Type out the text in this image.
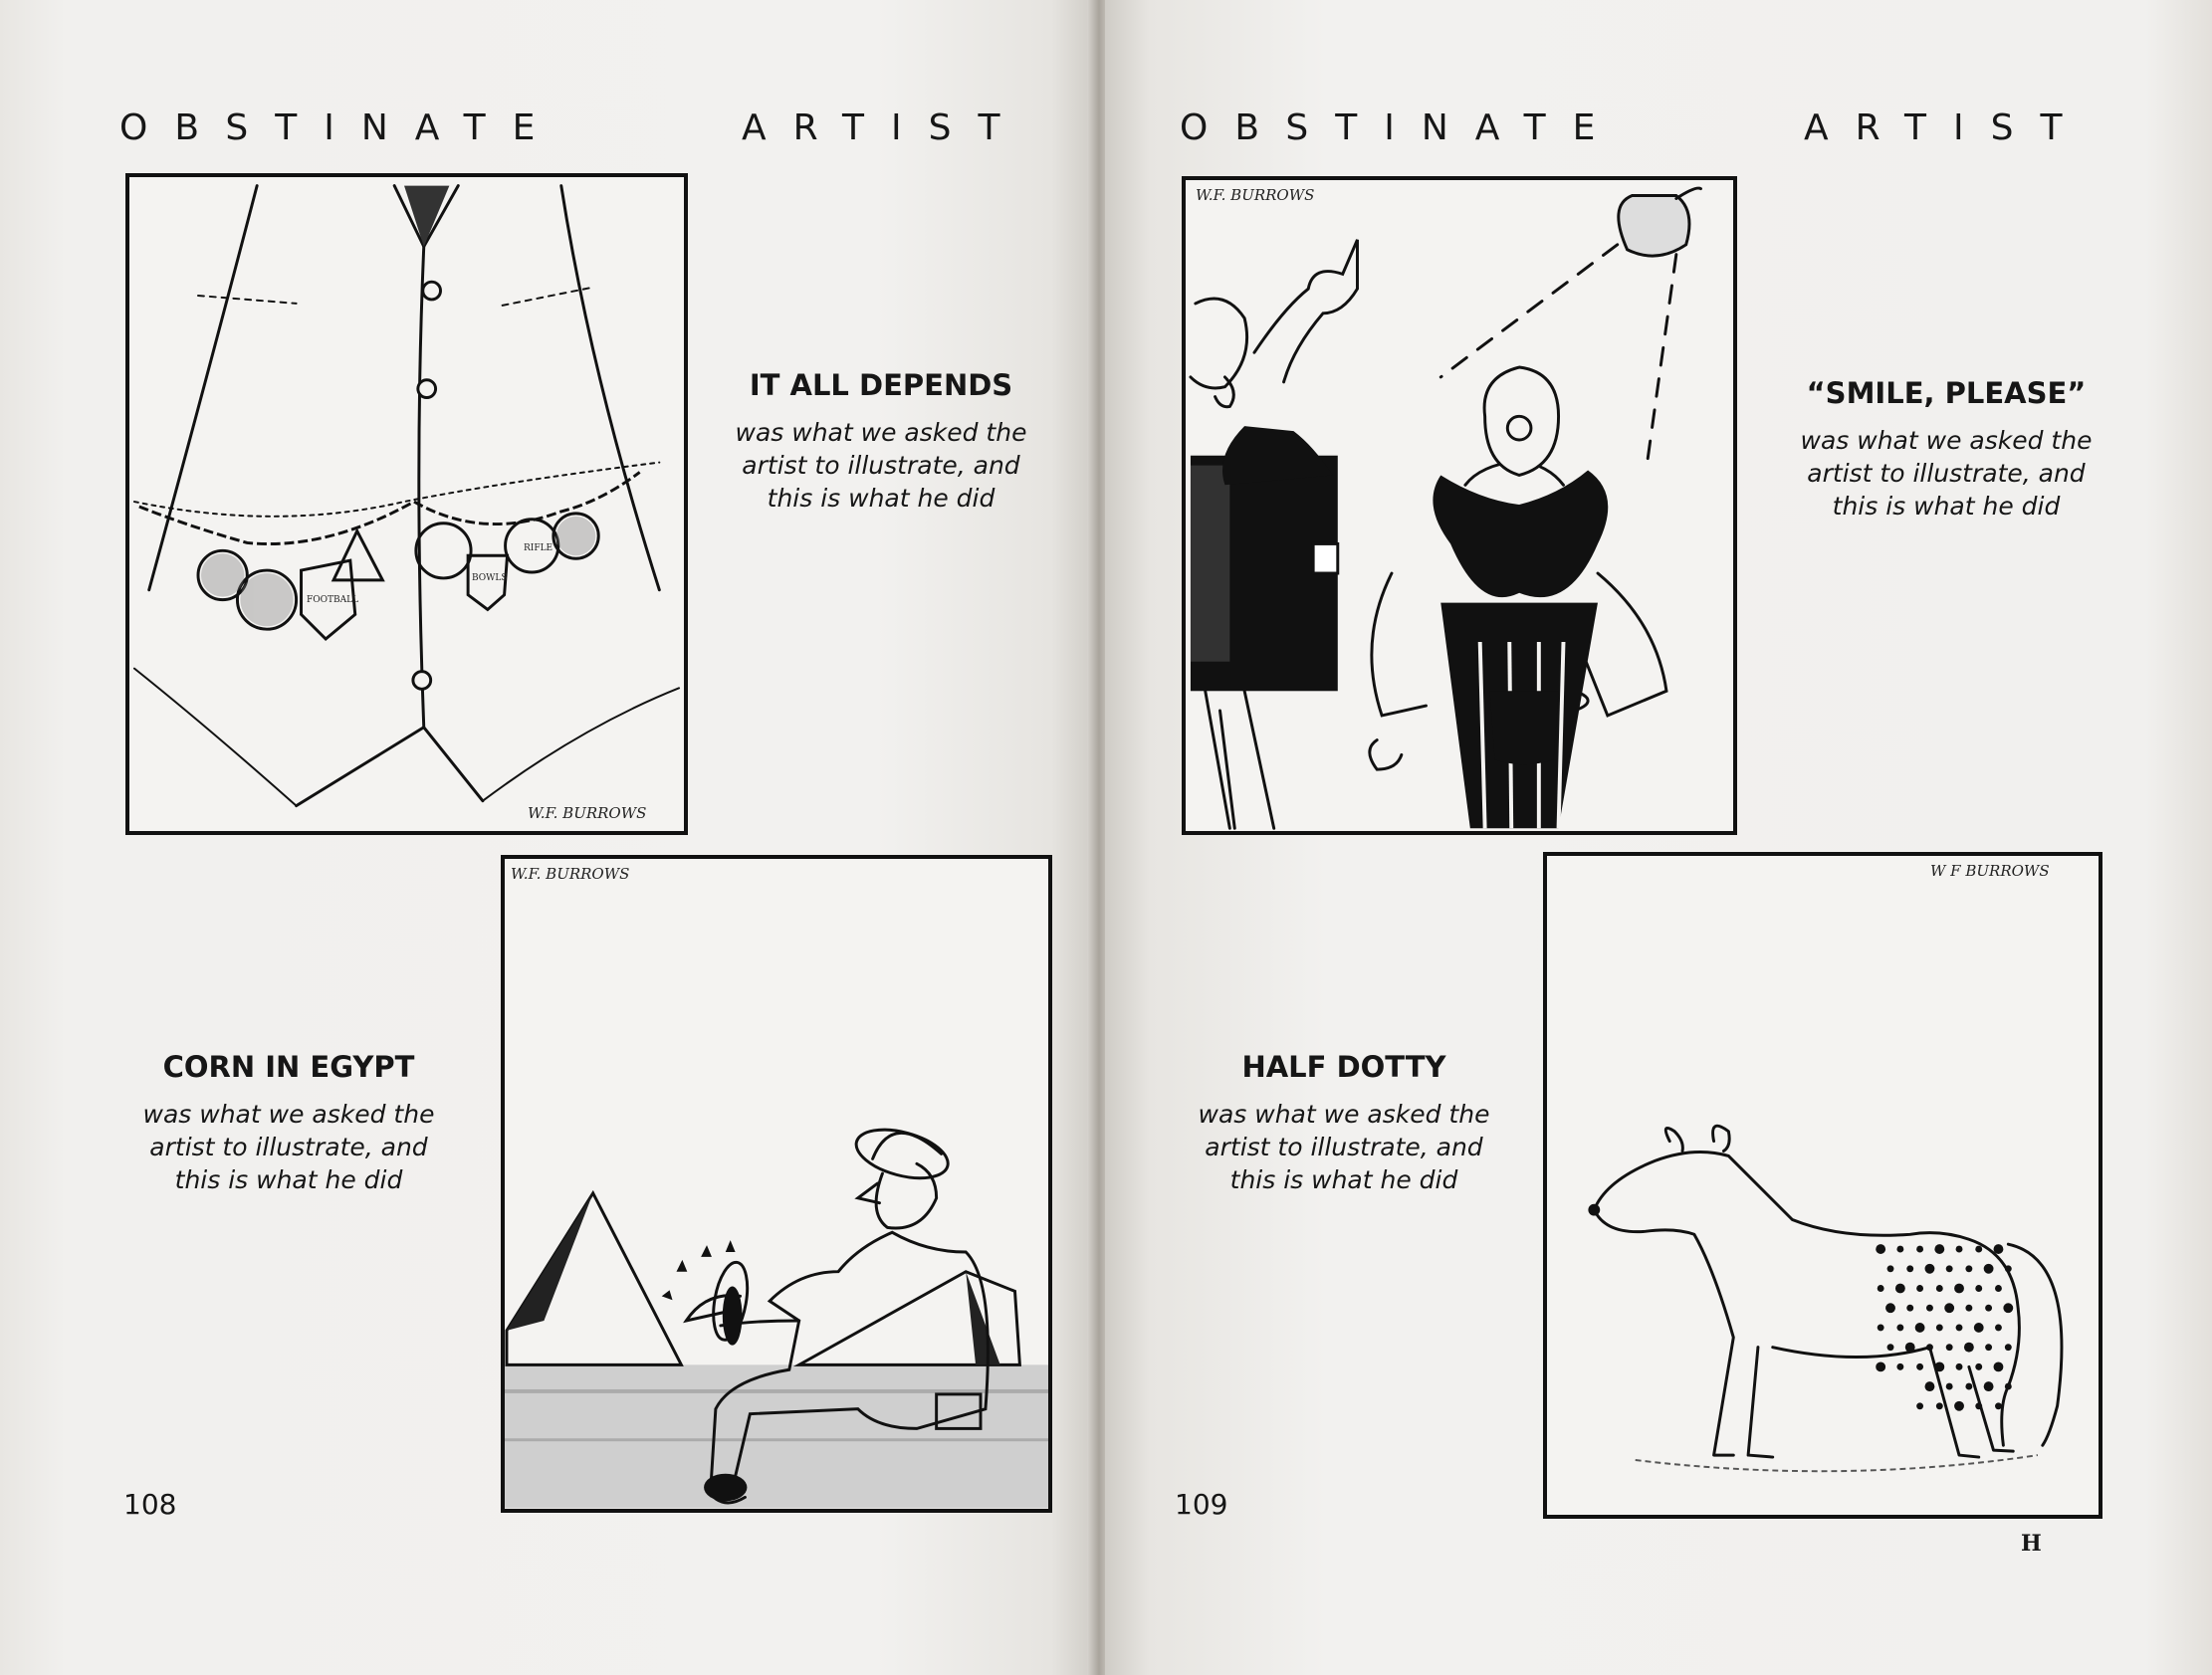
OBSTINATE	ARTIST
W.F. BURROWS
FOOTBALL
BOWLS
RIFLE

IT ALL DEPENDS

was what we asked the

artist to illustrate, and

this is what he did

W.F. BURROWS

CORN IN EGYPT

was what we asked the

artist to illustrate, and

this is what he did

108

OBSTINATE	ARTIST
W.F. BURROWS

“SMILE, PLEASE”

was what we asked the

artist to illustrate, and

this is what he did

W F BURROWS

HALF DOTTY

was what we asked the

artist to illustrate, and

this is what he did

109

H
